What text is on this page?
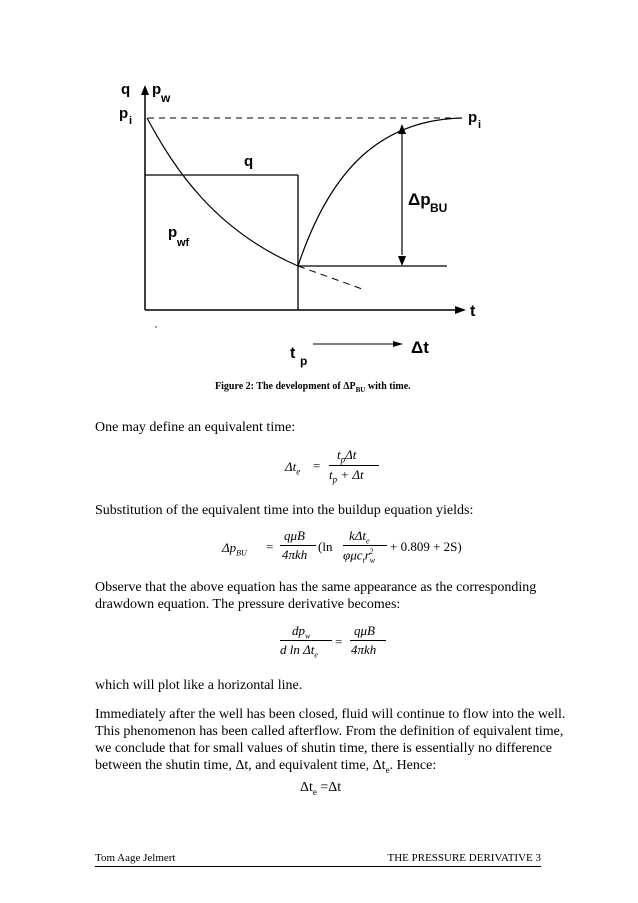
q p w
p i	p i
q
p
wf
Δp BU
t
t p
Δt
Figure 2: The development of $\Delta P_{BU}$ with time.
One may define an equivalent time:
$\Delta t_e$ =
$t_p\Delta t$
$t_p + \Delta t$
Substitution of the equivalent time into the buildup equation yields:
$\Delta p_{BU}$ =
qμB
4πkh
(ln
kΔt$_e$
$\varphi\mu c_tr_w^2$	+ 0.809 + 2S)
Observe that the above equation has the same appearance as the corresponding
drawdown equation. The pressure derivative becomes:
$dp_w$
d $\ln \Delta t_e$
=
qμB
4πkh
which will plot like a horizontal line.
Immediately after the well has been closed, fluid will continue to flow into the well.
This phenomenon has been called afterflow. From the definition of equivalent time,
we conclude that for small values of shutin time, there is essentially no difference
between the shutin time, Δt, and equivalent time, $\Delta t_e$. Hence:
$\Delta t_e =\Delta t$
Tom Aage Jelmert	THE PRESSURE DERIVATIVE 3
